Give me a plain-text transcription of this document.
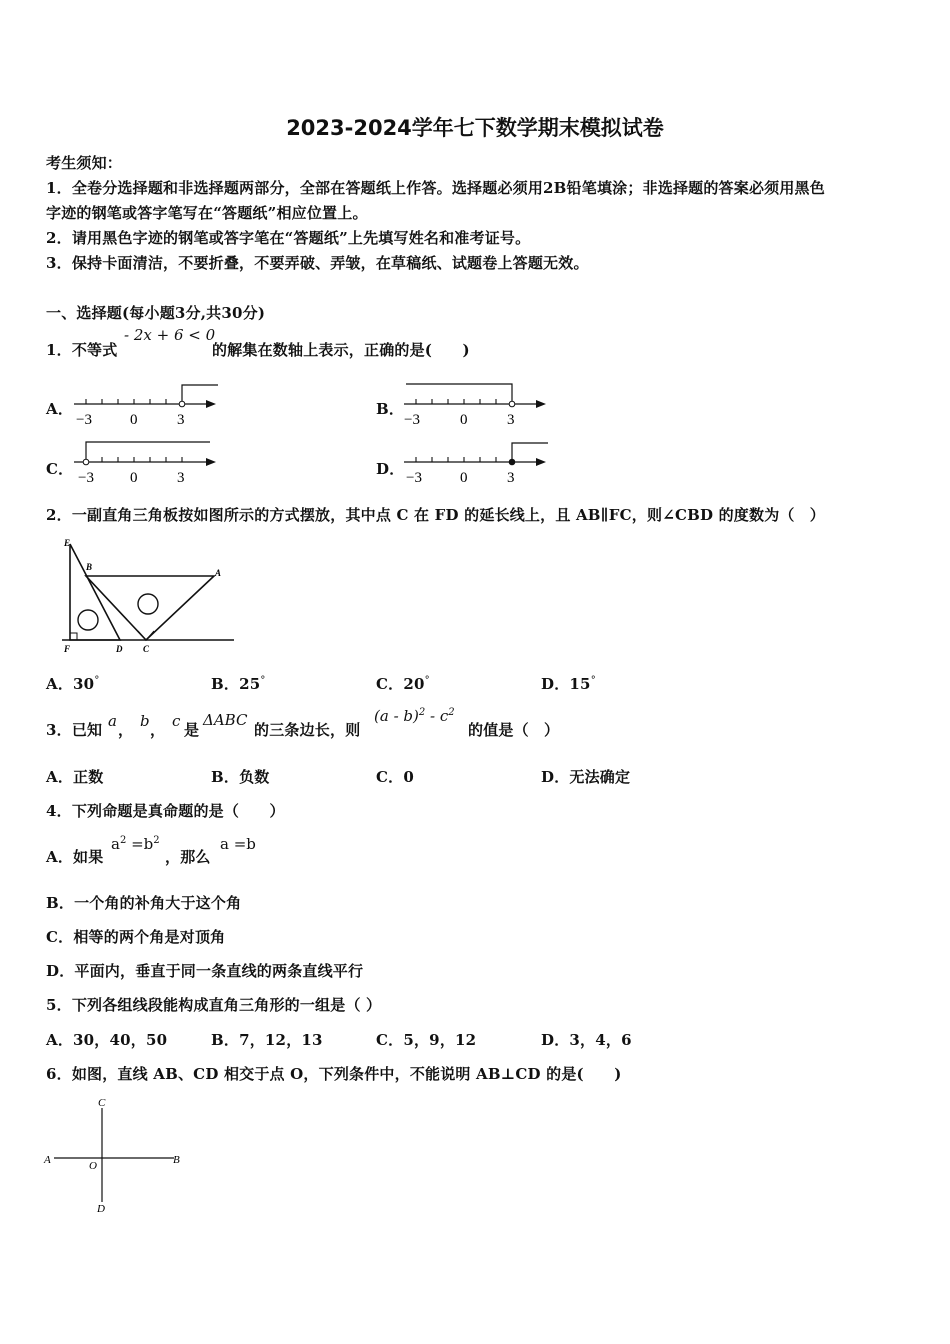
2023-2024学年七下数学期末模拟试卷
考生须知：
1．全卷分选择题和非选择题两部分，全部在答题纸上作答。选择题必须用2B铅笔填涂；非选择题的答案必须用黑色
字迹的钢笔或答字笔写在“答题纸”相应位置上。
2．请用黑色字迹的钢笔或答字笔在“答题纸”上先填写姓名和准考证号。
3．保持卡面清洁，不要折叠，不要弄破、弄皱，在草稿纸、试题卷上答题无效。
一、选择题(每小题3分,共30分)
1．不等式
- 2x + 6 < 0
的解集在数轴上表示，正确的是(　　)
A．	B．
C．	D．
−3	0	3	−3	0	3
−3 0	3	−3	0	3
2．一副直角三角板按如图所示的方式摆放，其中点 C 在 FD 的延长线上，且 AB∥FC，则∠CBD 的度数为（　）
E
B
A
F	D C
A．30°	B．25°	C．20°	D．15°
3．已知 a ， b ， c 是
ΔABC
的三条边长，则
$(a - b)^2 - c^2$
的值是（　）
A．正数	B．负数	C．0	D．无法确定
4．下列命题是真命题的是（　　）
A．如果
$a^2 =b^2$
，那么
a =b
B．一个角的补角大于这个角
C．相等的两个角是对顶角
D．平面内，垂直于同一条直线的两条直线平行
5．下列各组线段能构成直角三角形的一组是（ ）
A．30，40，50	B．7，12，13	C．5，9，12	D．3，4，6
6．如图，直线 AB、CD 相交于点 O，下列条件中，不能说明 AB⊥CD 的是(　　)
C
A	O	B
D
